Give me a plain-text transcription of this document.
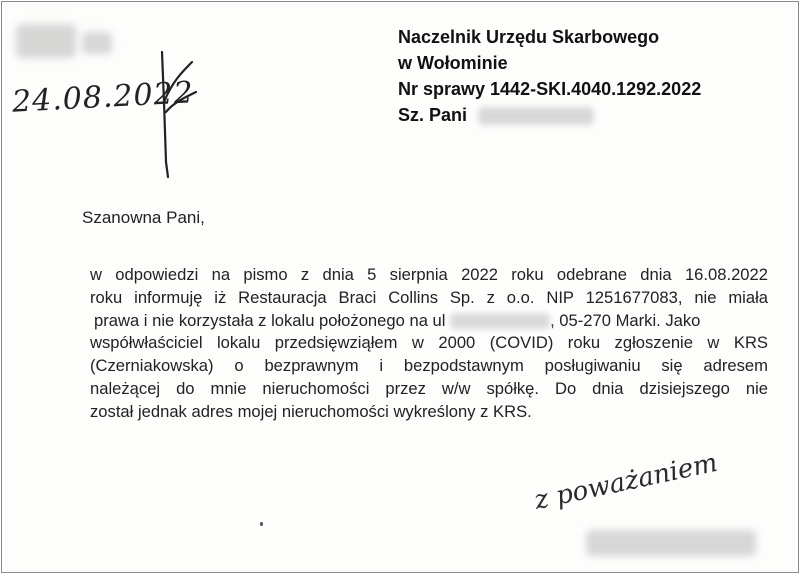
24.08.2022
Naczelnik Urzędu Skarbowego
w Wołominie
Nr sprawy 1442-SKI.4040.1292.2022
Sz. Pani
Szanowna Pani,
w odpowiedzi na pismo z dnia 5 sierpnia 2022 roku odebrane dnia 16.08.2022
roku informuję iż Restauracja Braci Collins Sp. z o.o. NIP 1251677083, nie miała
prawa i nie korzystała z lokalu położonego na ul	, 05-270 Marki. Jako
współwłaściciel lokalu przedsięwziąłem w 2000 (COVID) roku zgłoszenie w KRS
(Czerniakowska) o bezprawnym i bezpodstawnym posługiwaniu się adresem
należącej do mnie nieruchomości przez w/w spółkę. Do dnia dzisiejszego nie
został jednak adres mojej nieruchomości wykreślony z KRS.
z poważaniem
